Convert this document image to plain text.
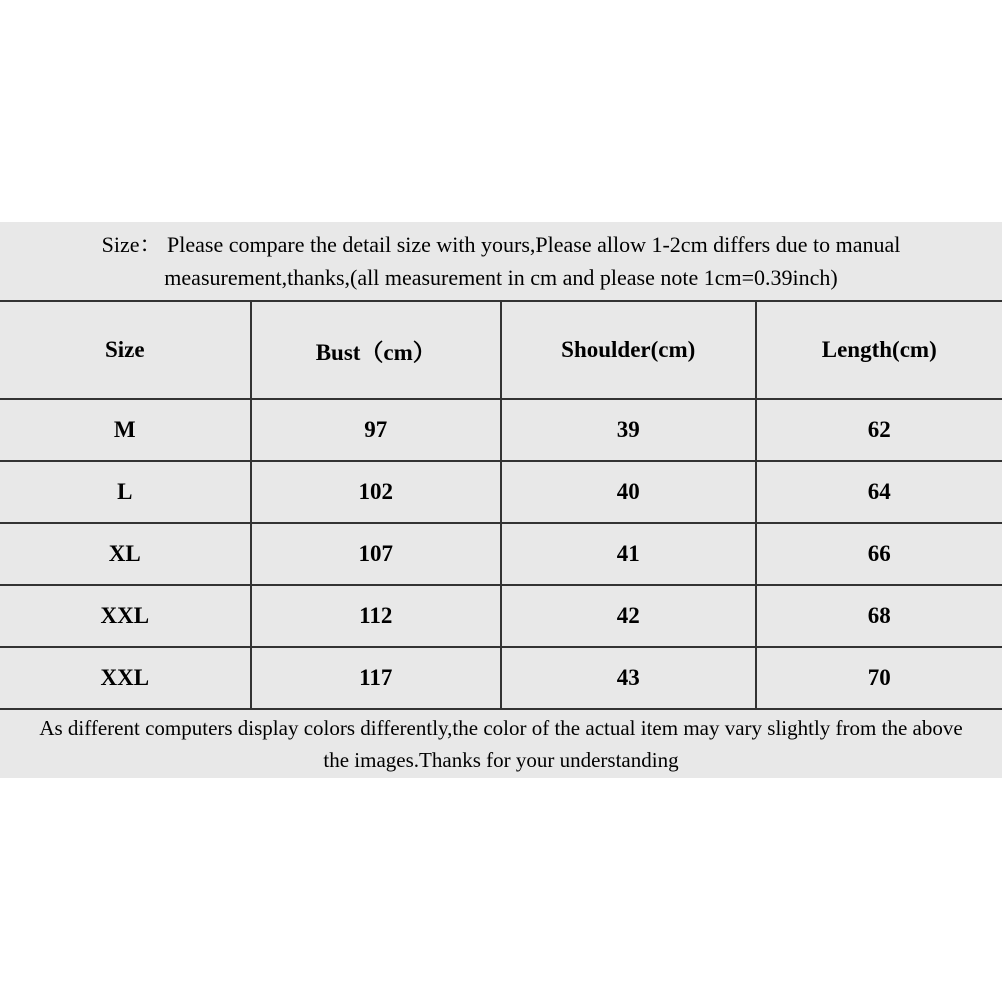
Size： Please compare the detail size with yours,Please allow 1-2cm differs due to manual
measurement,thanks,(all measurement in cm and please note 1cm=0.39inch)
Size	Bust（cm）	Shoulder(cm)	Length(cm)
M	97	39	62
L	102	40	64
XL	107	41	66
XXL	112	42	68
XXL	117	43	70
As different computers display colors differently,the color of the actual item may vary slightly from the above
the images.Thanks for your understanding
